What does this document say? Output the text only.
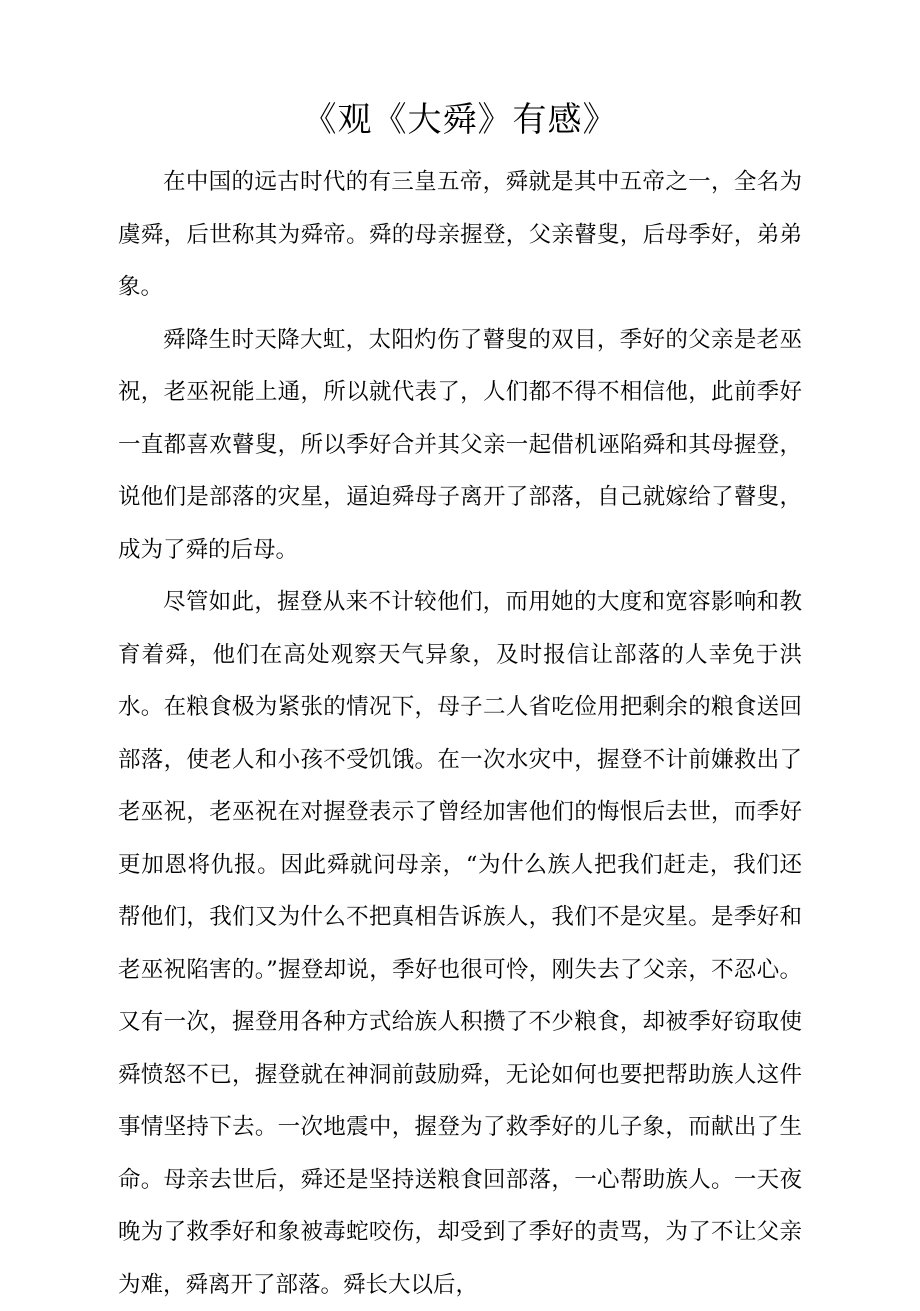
《观《大舜》有感》

在中国的远古时代的有三皇五帝，舜就是其中五帝之一，全名为虞舜，后世称其为舜帝。舜的母亲握登，父亲瞽叟，后母季好，弟弟象。

舜降生时天降大虹，太阳灼伤了瞽叟的双目，季好的父亲是老巫祝，老巫祝能上通，所以就代表了，人们都不得不相信他，此前季好一直都喜欢瞽叟，所以季好合并其父亲一起借机诬陷舜和其母握登，说他们是部落的灾星，逼迫舜母子离开了部落，自己就嫁给了瞽叟，成为了舜的后母。

尽管如此，握登从来不计较他们，而用她的大度和宽容影响和教育着舜，他们在高处观察天气异象，及时报信让部落的人幸免于洪水。在粮食极为紧张的情况下，母子二人省吃俭用把剩余的粮食送回部落，使老人和小孩不受饥饿。在一次水灾中，握登不计前嫌救出了老巫祝，老巫祝在对握登表示了曾经加害他们的悔恨后去世，而季好更加恩将仇报。因此舜就问母亲，“为什么族人把我们赶走，我们还帮他们，我们又为什么不把真相告诉族人，我们不是灾星。是季好和老巫祝陷害的。”握登却说，季好也很可怜，刚失去了父亲，不忍心。又有一次，握登用各种方式给族人积攒了不少粮食，却被季好窃取使舜愤怒不已，握登就在神洞前鼓励舜，无论如何也要把帮助族人这件事情坚持下去。一次地震中，握登为了救季好的儿子象，而献出了生命。母亲去世后，舜还是坚持送粮食回部落，一心帮助族人。一天夜晚为了救季好和象被毒蛇咬伤，却受到了季好的责骂，为了不让父亲为难，舜离开了部落。舜长大以后，
